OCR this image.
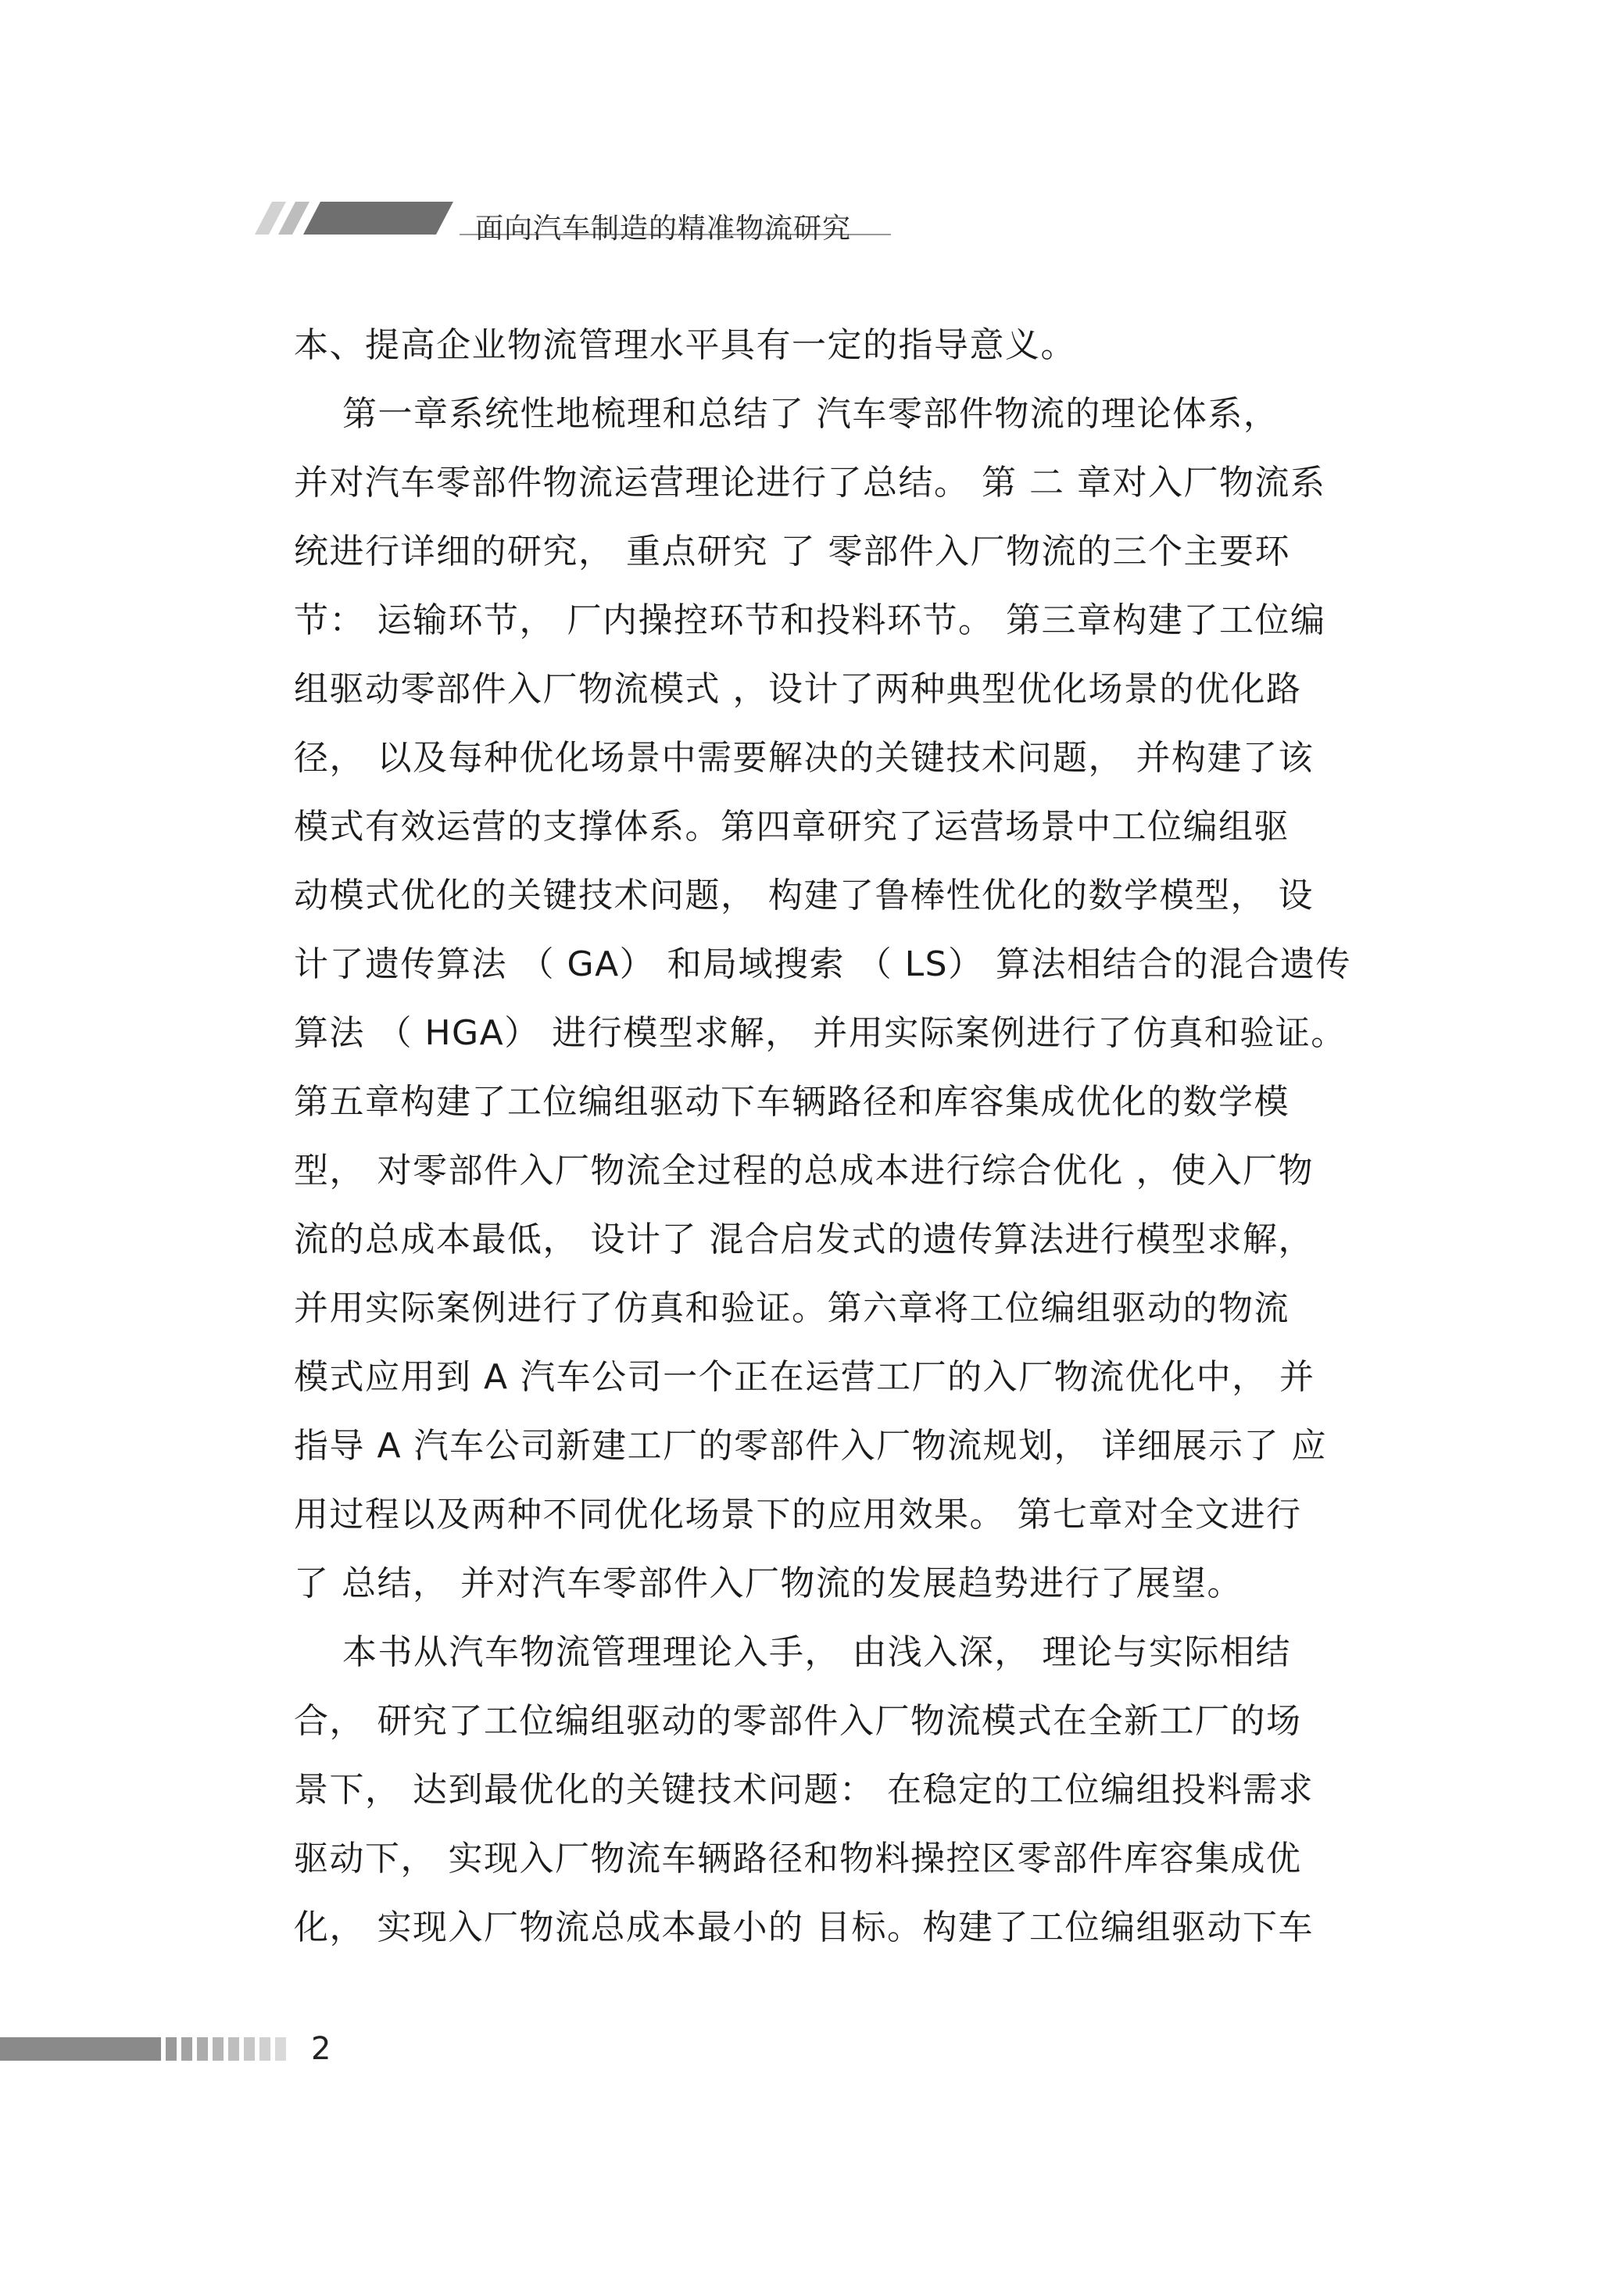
面向汽车制造的精准物流研究
本、提高企业物流管理水平具有一定的指导意义。
第一章系统性地梳理和总结了 汽车零部件物流的理论体系，
并对汽车零部件物流运营理论进行了总结。 第 二 章对入厂物流系
统进行详细的研究， 重点研究 了 零部件入厂物流的三个主要环
节： 运输环节， 厂内操控环节和投料环节。 第三章构建了工位编
组驱动零部件入厂物流模式 ，设计了两种典型优化场景的优化路
径， 以及每种优化场景中需要解决的关键技术问题， 并构建了该
模式有效运营的支撑体系。第四章研究了运营场景中工位编组驱
动模式优化的关键技术问题， 构建了鲁棒性优化的数学模型， 设
计了遗传算法 （ GA） 和局域搜索 （ LS） 算法相结合的混合遗传
算法 （ HGA） 进行模型求解， 并用实际案例进行了仿真和验证。
第五章构建了工位编组驱动下车辆路径和库容集成优化的数学模
型， 对零部件入厂物流全过程的总成本进行综合优化 ，使入厂物
流的总成本最低， 设计了 混合启发式的遗传算法进行模型求解，
并用实际案例进行了仿真和验证。第六章将工位编组驱动的物流
模式应用到 A 汽车公司一个正在运营工厂的入厂物流优化中， 并
指导 A 汽车公司新建工厂的零部件入厂物流规划， 详细展示了 应
用过程以及两种不同优化场景下的应用效果。 第七章对全文进行
了 总结， 并对汽车零部件入厂物流的发展趋势进行了展望。
本书从汽车物流管理理论入手， 由浅入深， 理论与实际相结
合， 研究了工位编组驱动的零部件入厂物流模式在全新工厂的场
景下， 达到最优化的关键技术问题： 在稳定的工位编组投料需求
驱动下， 实现入厂物流车辆路径和物料操控区零部件库容集成优
化， 实现入厂物流总成本最小的 目标。构建了工位编组驱动下车
2
